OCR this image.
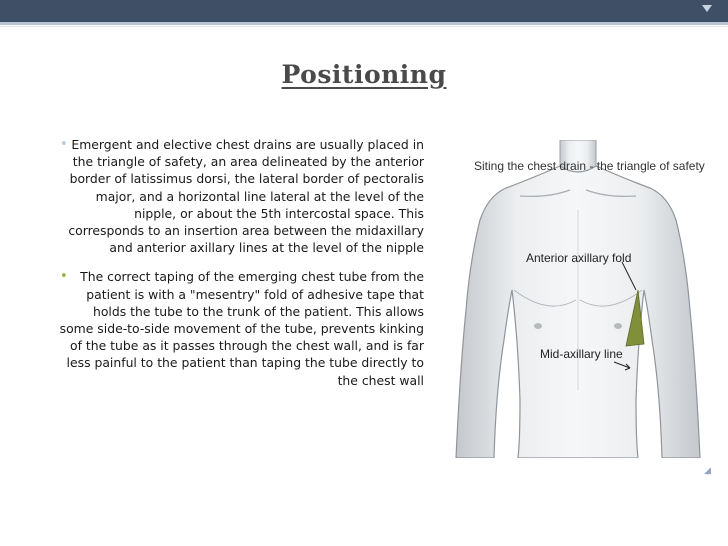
Positioning
• Emergent and elective chest drains are usually placed in the triangle of safety, an area delineated by the anterior border of latissimus dorsi, the lateral border of pectoralis major, and a horizontal line lateral at the level of the nipple, or about the 5th intercostal space. This corresponds to an insertion area between the midaxillary and anterior axillary lines at the level of the nipple
• The correct taping of the emerging chest tube from the patient is with a "mesentry" fold of adhesive tape that holds the tube to the trunk of the patient. This allows some side-to-side movement of the tube, prevents kinking of the tube as it passes through the chest wall, and is far less painful to the patient than taping the tube directly to the chest wall
Siting the chest drain - the triangle of safety
Anterior axillary fold
Mid-axillary line
◢
